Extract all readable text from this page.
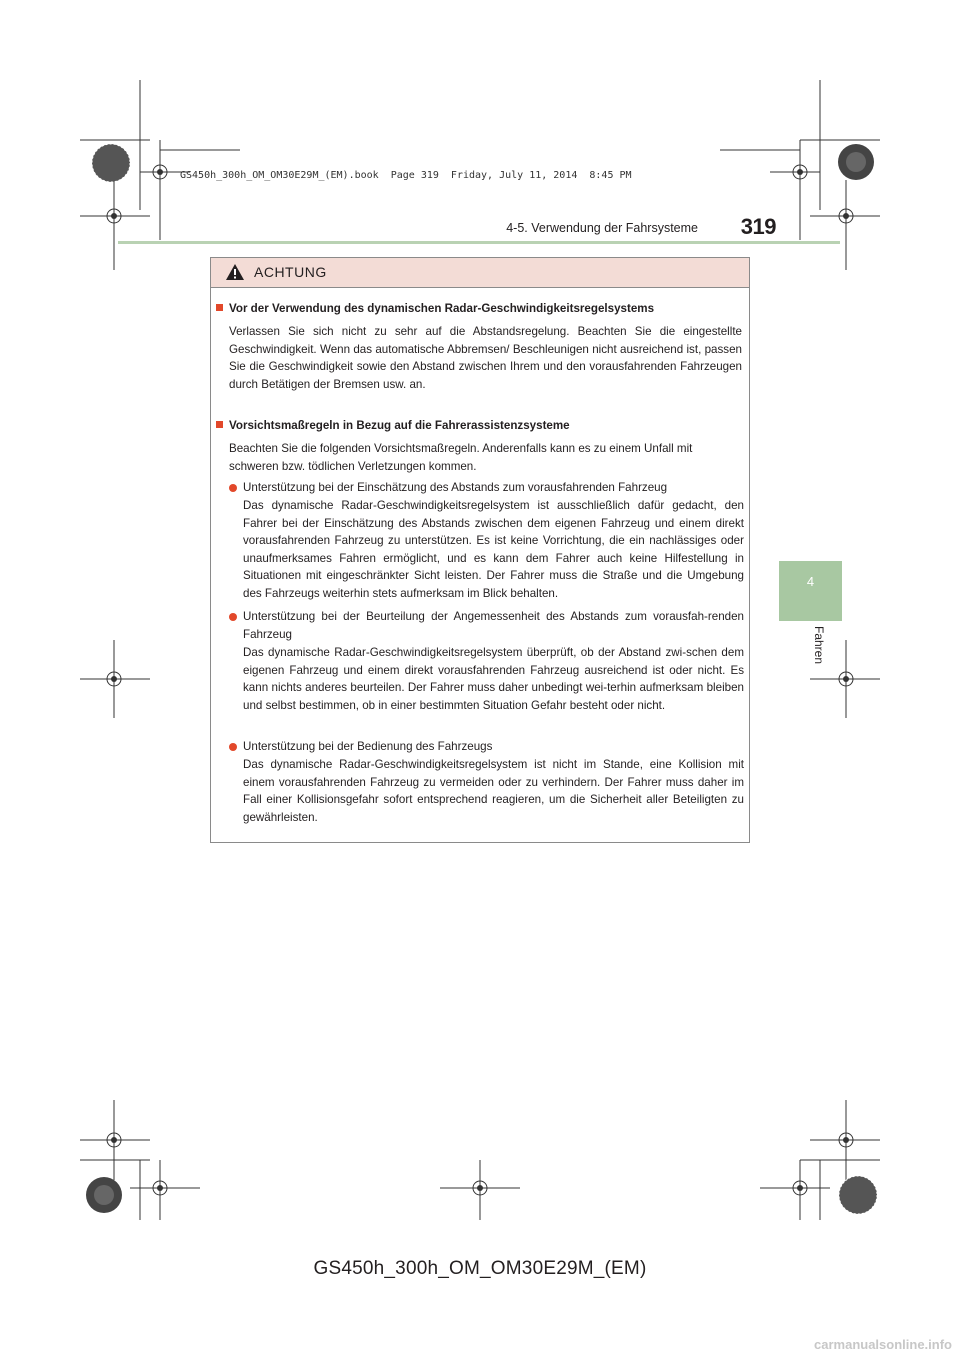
GS450h_300h_OM_OM30E29M_(EM).book  Page 319  Friday, July 11, 2014  8:45 PM
4-5. Verwendung der Fahrsysteme	319
4
Fahren
ACHTUNG
Vor der Verwendung des dynamischen Radar-Geschwindigkeitsregelsystems
Verlassen Sie sich nicht zu sehr auf die Abstandsregelung. Beachten Sie die eingestellte Geschwindigkeit. Wenn das automatische Abbremsen/ Beschleunigen nicht ausreichend ist, passen Sie die Geschwindigkeit sowie den Abstand zwischen Ihrem und den vorausfahrenden Fahrzeugen durch Betätigen der Bremsen usw. an.
Vorsichtsmaßregeln in Bezug auf die Fahrerassistenzsysteme
Beachten Sie die folgenden Vorsichtsmaßregeln. Anderenfalls kann es zu einem Unfall mit schweren bzw. tödlichen Verletzungen kommen.
Unterstützung bei der Einschätzung des Abstands zum vorausfahrenden Fahrzeug
Das dynamische Radar-Geschwindigkeitsregelsystem ist ausschließlich dafür gedacht, den Fahrer bei der Einschätzung des Abstands zwischen dem eigenen Fahrzeug und einem direkt vorausfahrenden Fahrzeug zu unterstützen. Es ist keine Vorrichtung, die ein nachlässiges oder unaufmerksames Fahren ermöglicht, und es kann dem Fahrer auch keine Hilfestellung in Situationen mit eingeschränkter Sicht leisten. Der Fahrer muss die Straße und die Umgebung des Fahrzeugs weiterhin stets aufmerksam im Blick behalten.
Unterstützung bei der Beurteilung der Angemessenheit des Abstands zum vorausfah-renden Fahrzeug
Das dynamische Radar-Geschwindigkeitsregelsystem überprüft, ob der Abstand zwi-schen dem eigenen Fahrzeug und einem direkt vorausfahrenden Fahrzeug ausreichend ist oder nicht. Es kann nichts anderes beurteilen. Der Fahrer muss daher unbedingt wei-terhin aufmerksam bleiben und selbst bestimmen, ob in einer bestimmten Situation Gefahr besteht oder nicht.
Unterstützung bei der Bedienung des Fahrzeugs
Das dynamische Radar-Geschwindigkeitsregelsystem ist nicht im Stande, eine Kollision mit einem vorausfahrenden Fahrzeug zu vermeiden oder zu verhindern. Der Fahrer muss daher im Fall einer Kollisionsgefahr sofort entsprechend reagieren, um die Sicherheit aller Beteiligten zu gewährleisten.
GS450h_300h_OM_OM30E29M_(EM)
carmanualsonline.info
